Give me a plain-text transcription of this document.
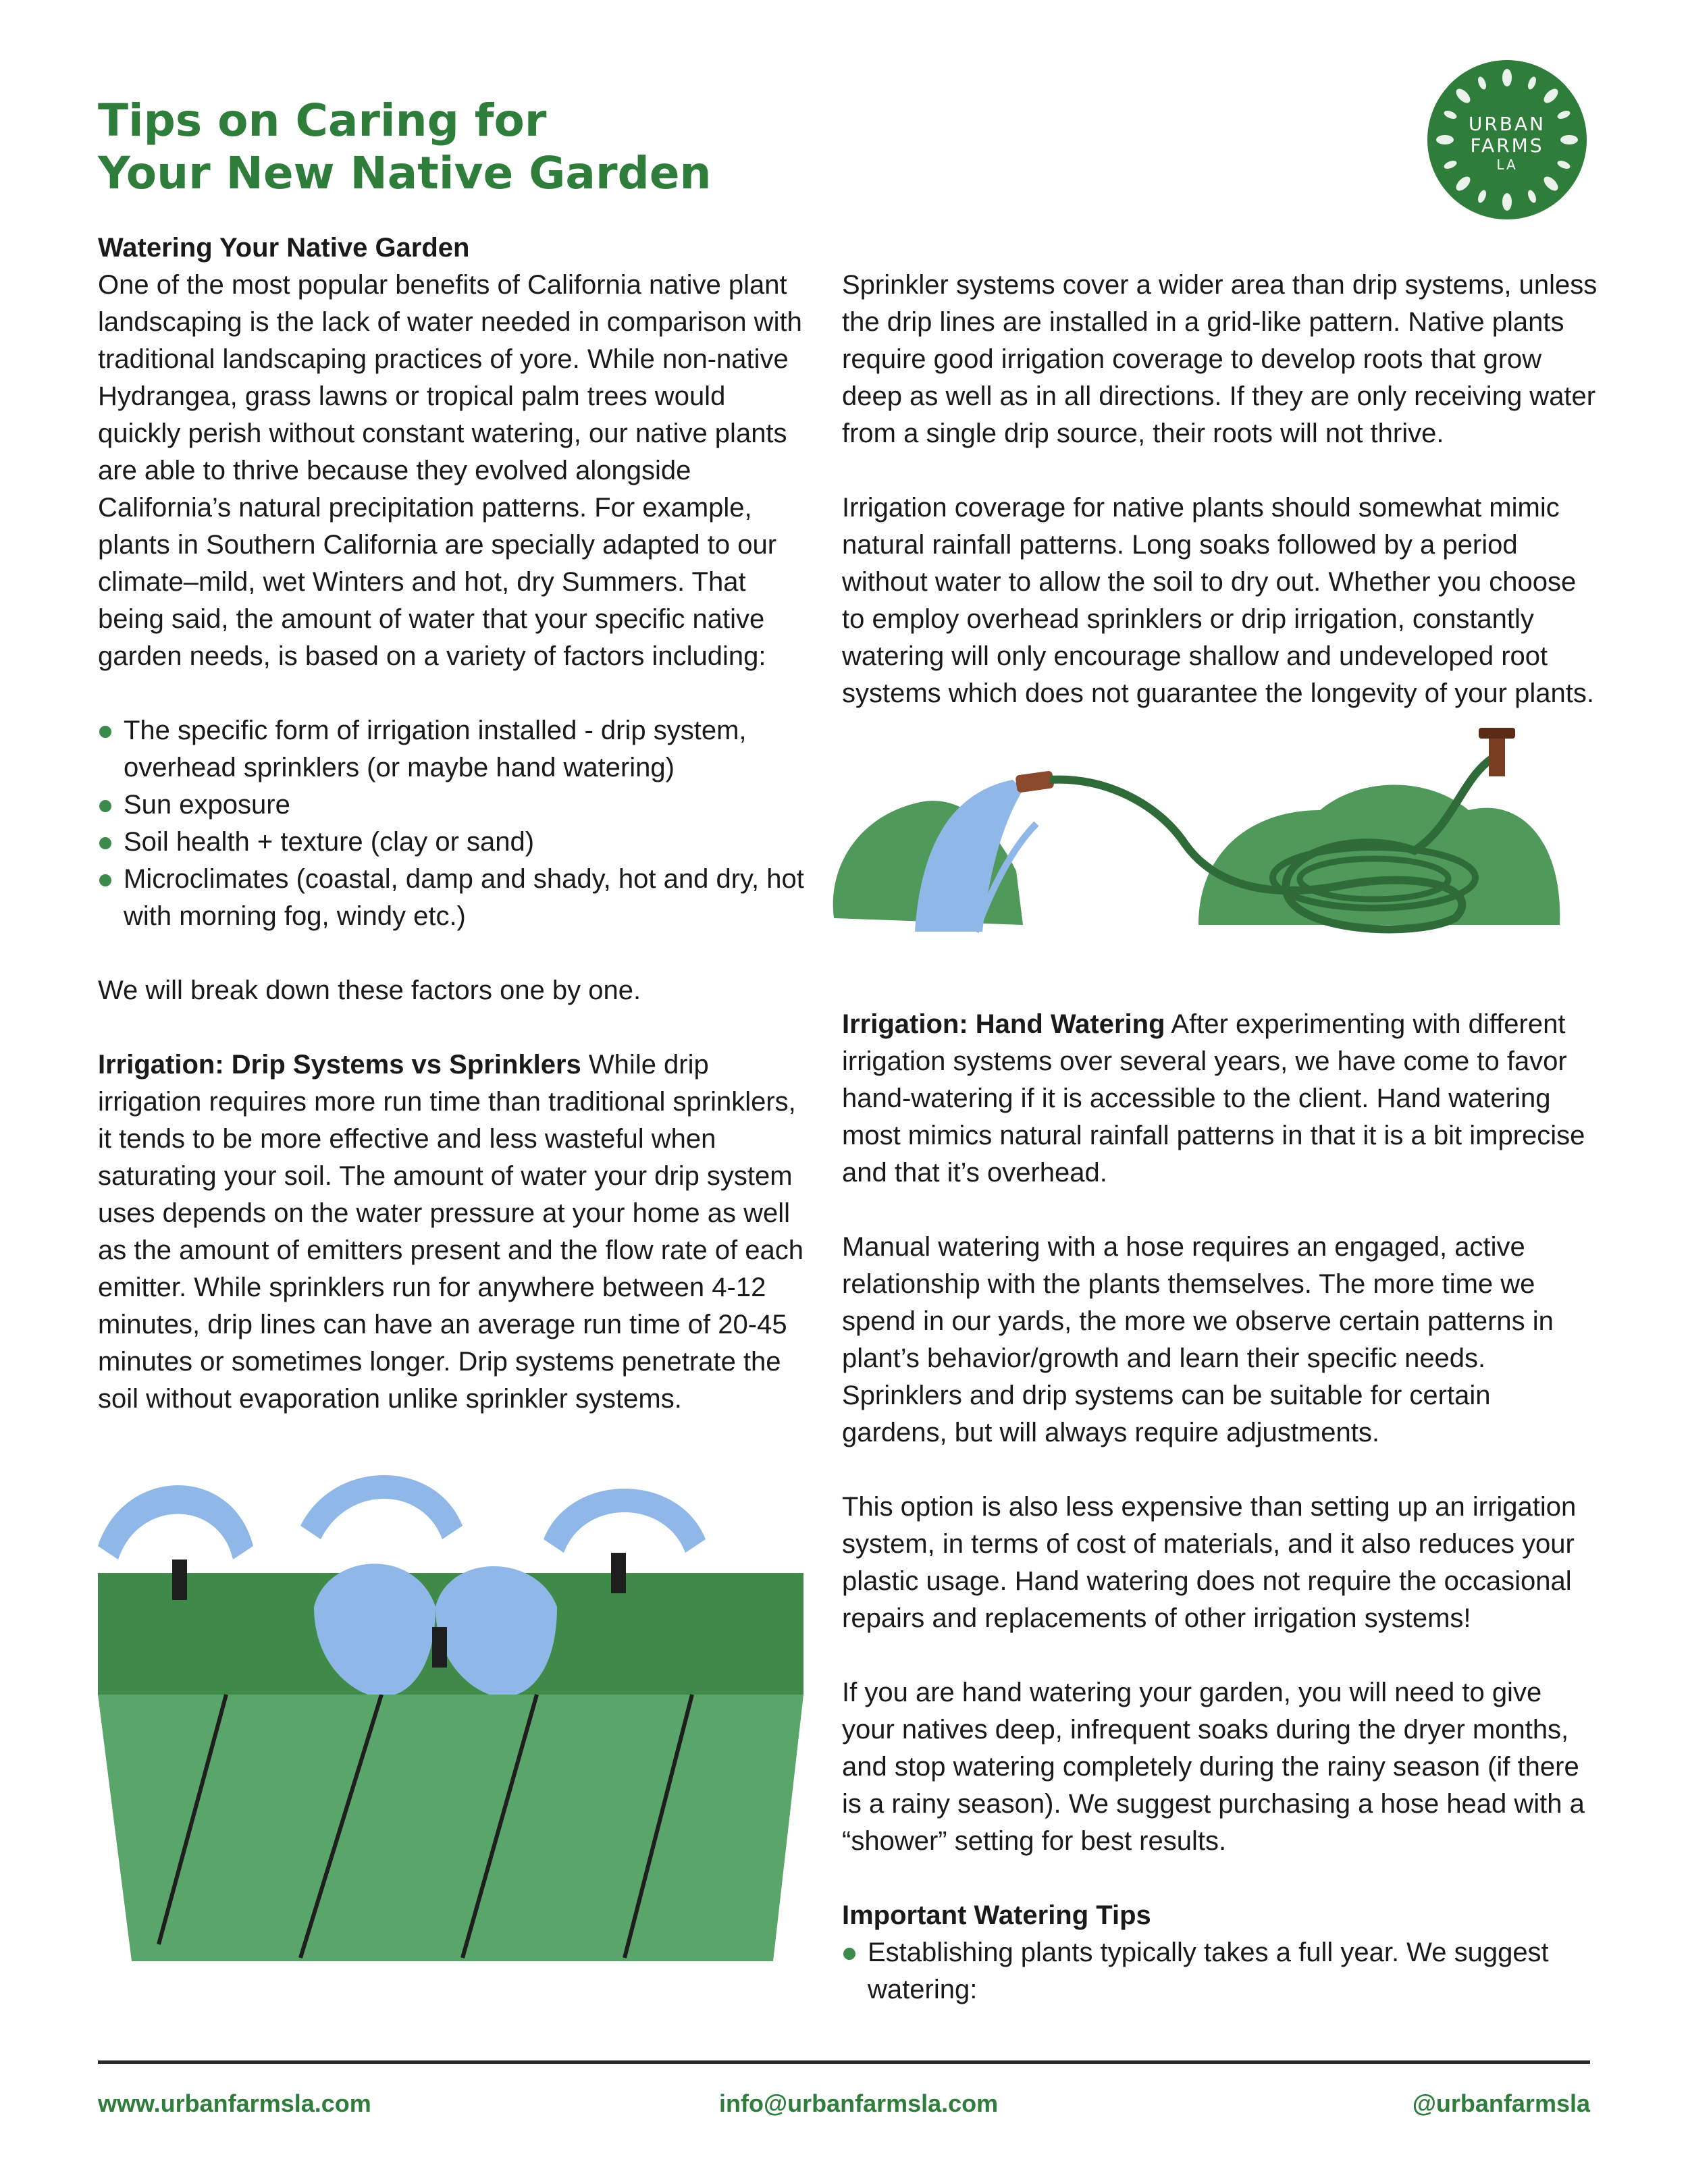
Tips on Caring for
Your New Native Garden
URBAN
FARMS
LA
Watering Your Native Garden

One of the most popular benefits of California native plant landscaping is the lack of water needed in comparison with traditional landscaping practices of yore. While non-native Hydrangea, grass lawns or tropical palm trees would quickly perish without constant watering, our native plants are able to thrive because they evolved alongside California’s natural precipitation patterns. For example, plants in Southern California are specially adapted to our climate–mild, wet Winters and hot, dry Summers. That being said, the amount of water that your specific native garden needs, is based on a variety of factors including:

The specific form of irrigation installed - drip system, overhead sprinklers (or maybe hand watering)
Sun exposure
Soil health + texture (clay or sand)
Microclimates (coastal, damp and shady, hot and dry, hot with morning fog, windy etc.)

We will break down these factors one by one.

Irrigation: Drip Systems vs Sprinklers While drip irrigation requires more run time than traditional sprinklers, it tends to be more effective and less wasteful when saturating your soil. The amount of water your drip system uses depends on the water pressure at your home as well as the amount of emitters present and the flow rate of each emitter. While sprinklers run for anywhere between 4-12 minutes, drip lines can have an average run time of 20-45 minutes or sometimes longer. Drip systems penetrate the soil without evaporation unlike sprinkler systems.

Sprinkler systems cover a wider area than drip systems, unless the drip lines are installed in a grid-like pattern. Native plants require good irrigation coverage to develop roots that grow deep as well as in all directions. If they are only receiving water from a single drip source, their roots will not thrive.

Irrigation coverage for native plants should somewhat mimic natural rainfall patterns. Long soaks followed by a period without water to allow the soil to dry out. Whether you choose to employ overhead sprinklers or drip irrigation, constantly watering will only encourage shallow and undeveloped root systems which does not guarantee the longevity of your plants.

Irrigation: Hand Watering After experimenting with different irrigation systems over several years, we have come to favor hand-watering if it is accessible to the client. Hand watering most mimics natural rainfall patterns in that it is a bit imprecise and that it’s overhead.

Manual watering with a hose requires an engaged, active relationship with the plants themselves. The more time we spend in our yards, the more we observe certain patterns in plant’s behavior/growth and learn their specific needs. Sprinklers and drip systems can be suitable for certain gardens, but will always require adjustments.

This option is also less expensive than setting up an irrigation system, in terms of cost of materials, and it also reduces your plastic usage. Hand watering does not require the occasional repairs and replacements of other irrigation systems!

If you are hand watering your garden, you will need to give your natives deep, infrequent soaks during the dryer months, and stop watering completely during the rainy season (if there is a rainy season). We suggest purchasing a hose head with a “shower” setting for best results.

Important Watering Tips
Establishing plants typically takes a full year. We suggest watering:
www.urbanfarmsla.com	info@urbanfarmsla.com	@urbanfarmsla
